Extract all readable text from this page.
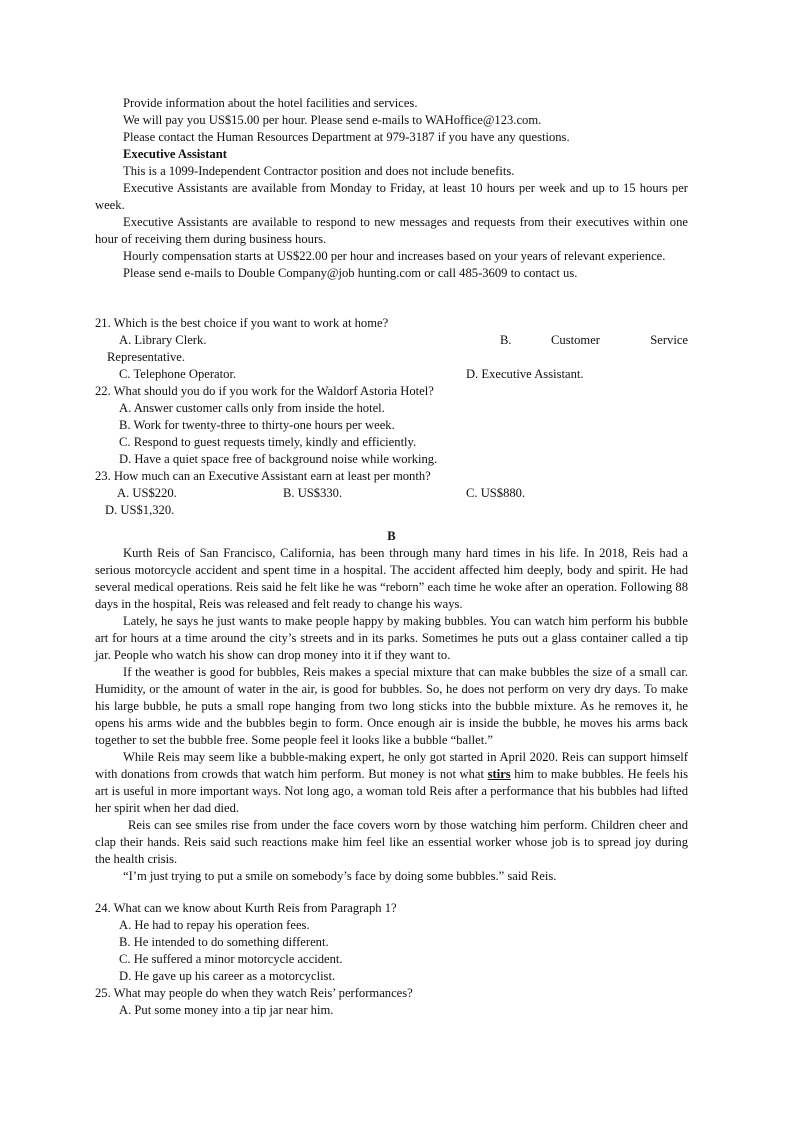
Provide information about the hotel facilities and services.

We will pay you US$15.00 per hour. Please send e-mails to WAHoffice@123.com.

Please contact the Human Resources Department at 979-3187 if you have any questions.

Executive Assistant

This is a 1099-Independent Contractor position and does not include benefits.

Executive Assistants are available from Monday to Friday, at least 10 hours per week and up to 15 hours per week.

Executive Assistants are available to respond to new messages and requests from their executives within one hour of receiving them during business hours.

Hourly compensation starts at US$22.00 per hour and increases based on your years of relevant experience.

Please send e-mails to Double Company@job hunting.com or call 485-3609 to contact us.

21. Which is the best choice if you want to work at home?

A. Library Clerk.	B.	Customer	Service
Representative.
C. Telephone Operator.	D. Executive Assistant.

22. What should you do if you work for the Waldorf Astoria Hotel?

A. Answer customer calls only from inside the hotel.

B. Work for twenty-three to thirty-one hours per week.

C. Respond to guest requests timely, kindly and efficiently.

D. Have a quiet space free of background noise while working.

23. How much can an Executive Assistant earn at least per month?

A. US$220.	B. US$330.	C. US$880.
D. US$1,320.

B

Kurth Reis of San Francisco, California, has been through many hard times in his life. In 2018, Reis had a serious motorcycle accident and spent time in a hospital. The accident affected him deeply, body and spirit. He had several medical operations. Reis said he felt like he was “reborn” each time he woke after an operation. Following 88 days in the hospital, Reis was released and felt ready to change his ways.

Lately, he says he just wants to make people happy by making bubbles. You can watch him perform his bubble art for hours at a time around the city’s streets and in its parks. Sometimes he puts out a glass container called a tip jar. People who watch his show can drop money into it if they want to.

If the weather is good for bubbles, Reis makes a special mixture that can make bubbles the size of a small car. Humidity, or the amount of water in the air, is good for bubbles. So, he does not perform on very dry days. To make his large bubble, he puts a small rope hanging from two long sticks into the bubble mixture. As he removes it, he opens his arms wide and the bubbles begin to form. Once enough air is inside the bubble, he moves his arms back together to set the bubble free. Some people feel it looks like a bubble “ballet.”

While Reis may seem like a bubble-making expert, he only got started in April 2020. Reis can support himself with donations from crowds that watch him perform. But money is not what stirs him to make bubbles. He feels his art is useful in more important ways. Not long ago, a woman told Reis after a performance that his bubbles had lifted her spirit when her dad died.

Reis can see smiles rise from under the face covers worn by those watching him perform. Children cheer and clap their hands. Reis said such reactions make him feel like an essential worker whose job is to spread joy during the health crisis.

“I’m just trying to put a smile on somebody’s face by doing some bubbles.” said Reis.

24. What can we know about Kurth Reis from Paragraph 1?

A. He had to repay his operation fees.

B. He intended to do something different.

C. He suffered a minor motorcycle accident.

D. He gave up his career as a motorcyclist.

25. What may people do when they watch Reis’ performances?

A. Put some money into a tip jar near him.
